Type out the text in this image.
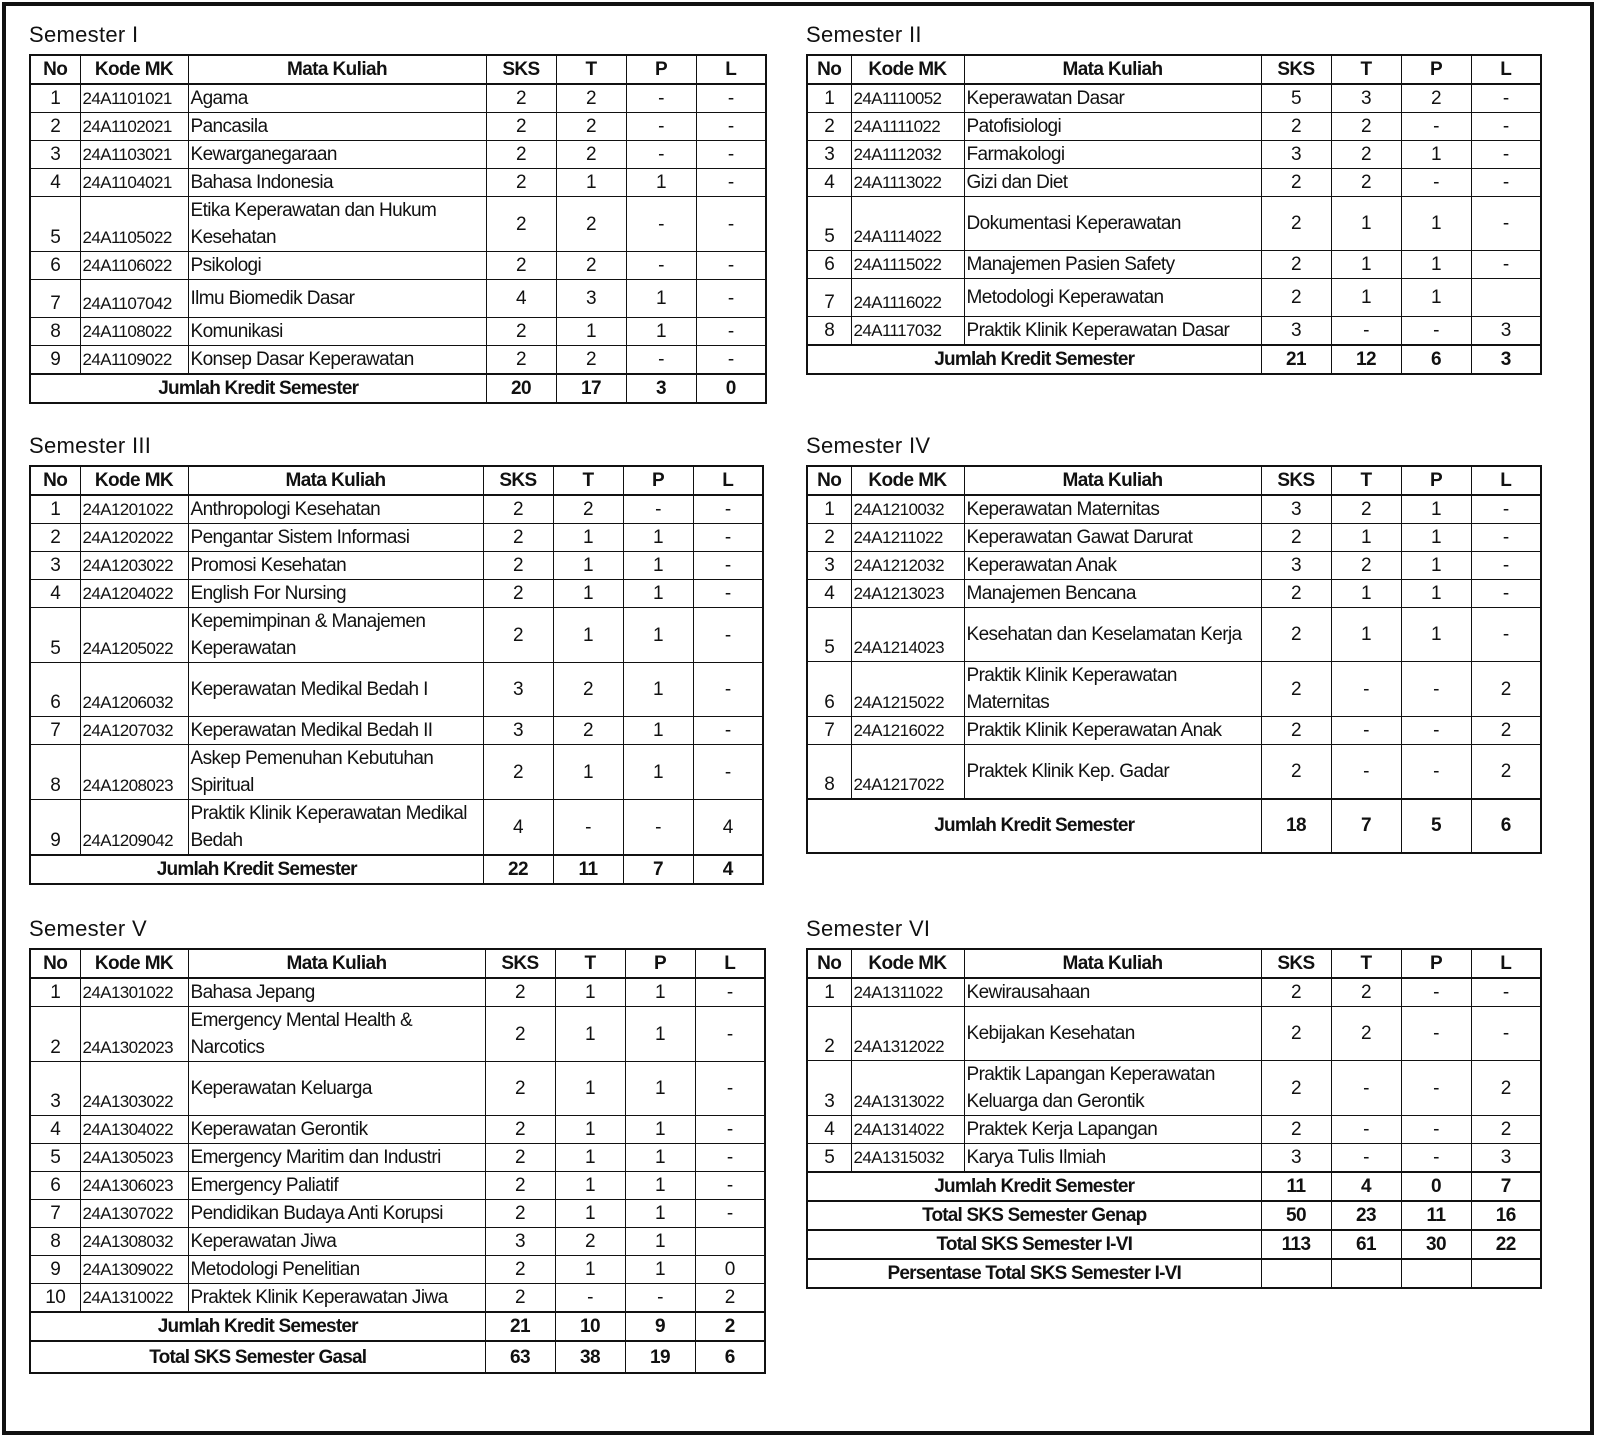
Semester I
No	Kode MK	Mata Kuliah	SKS	T	P	L
1	24A1101021	Agama	2	2	-	-
2	24A1102021	Pancasila	2	2	-	-
3	24A1103021	Kewarganegaraan	2	2	-	-
4	24A1104021	Bahasa Indonesia	2	1	1	-
5	24A1105022	Etika Keperawatan dan Hukum Kesehatan	2	2	-	-
6	24A1106022	Psikologi	2	2	-	-
7	24A1107042	Ilmu Biomedik Dasar	4	3	1	-
8	24A1108022	Komunikasi	2	1	1	-
9	24A1109022	Konsep Dasar Keperawatan	2	2	-	-
Jumlah Kredit Semester			20	17	3	0
Semester II
No	Kode MK	Mata Kuliah	SKS	T	P	L
1	24A1110052	Keperawatan Dasar	5	3	2	-
2	24A1111022	Patofisiologi	2	2	-	-
3	24A1112032	Farmakologi	3	2	1	-
4	24A1113022	Gizi dan Diet	2	2	-	-
5	24A1114022	Dokumentasi Keperawatan	2	1	1	-
6	24A1115022	Manajemen Pasien Safety	2	1	1	-
7	24A1116022	Metodologi Keperawatan	2	1	1	
8	24A1117032	Praktik Klinik Keperawatan Dasar	3	-	-	3
Jumlah Kredit Semester			21	12	6	3
Semester III
No	Kode MK	Mata Kuliah	SKS	T	P	L
1	24A1201022	Anthropologi Kesehatan	2	2	-	-
2	24A1202022	Pengantar Sistem Informasi	2	1	1	-
3	24A1203022	Promosi Kesehatan	2	1	1	-
4	24A1204022	English For Nursing	2	1	1	-
5	24A1205022	Kepemimpinan & Manajemen Keperawatan	2	1	1	-
6	24A1206032	Keperawatan Medikal Bedah I	3	2	1	-
7	24A1207032	Keperawatan Medikal Bedah II	3	2	1	-
8	24A1208023	Askep Pemenuhan Kebutuhan Spiritual	2	1	1	-
9	24A1209042	Praktik Klinik Keperawatan Medikal Bedah	4	-	-	4
Jumlah Kredit Semester			22	11	7	4
Semester IV
No	Kode MK	Mata Kuliah	SKS	T	P	L
1	24A1210032	Keperawatan Maternitas	3	2	1	-
2	24A1211022	Keperawatan Gawat Darurat	2	1	1	-
3	24A1212032	Keperawatan Anak	3	2	1	-
4	24A1213023	Manajemen Bencana	2	1	1	-
5	24A1214023	Kesehatan dan Keselamatan Kerja	2	1	1	-
6	24A1215022	Praktik Klinik Keperawatan Maternitas	2	-	-	2
7	24A1216022	Praktik Klinik Keperawatan Anak	2	-	-	2
8	24A1217022	Praktek Klinik Kep. Gadar	2	-	-	2
Jumlah Kredit Semester			18	7	5	6
Semester V
No	Kode MK	Mata Kuliah	SKS	T	P	L
1	24A1301022	Bahasa Jepang	2	1	1	-
2	24A1302023	Emergency Mental Health & Narcotics	2	1	1	-
3	24A1303022	Keperawatan Keluarga	2	1	1	-
4	24A1304022	Keperawatan Gerontik	2	1	1	-
5	24A1305023	Emergency Maritim dan Industri	2	1	1	-
6	24A1306023	Emergency Paliatif	2	1	1	-
7	24A1307022	Pendidikan Budaya Anti Korupsi	2	1	1	-
8	24A1308032	Keperawatan Jiwa	3	2	1	
9	24A1309022	Metodologi Penelitian	2	1	1	0
10	24A1310022	Praktek Klinik Keperawatan Jiwa	2	-	-	2
Jumlah Kredit Semester			21	10	9	2
Total SKS Semester Gasal			63	38	19	6
Semester VI
No	Kode MK	Mata Kuliah	SKS	T	P	L
1	24A1311022	Kewirausahaan	2	2	-	-
2	24A1312022	Kebijakan Kesehatan	2	2	-	-
3	24A1313022	Praktik Lapangan Keperawatan Keluarga dan Gerontik	2	-	-	2
4	24A1314022	Praktek Kerja Lapangan	2	-	-	2
5	24A1315032	Karya Tulis Ilmiah	3	-	-	3
Jumlah Kredit Semester			11	4	0	7
Total SKS Semester Genap			50	23	11	16
Total SKS Semester I-VI			113	61	30	22
Persentase Total SKS Semester I-VI						
